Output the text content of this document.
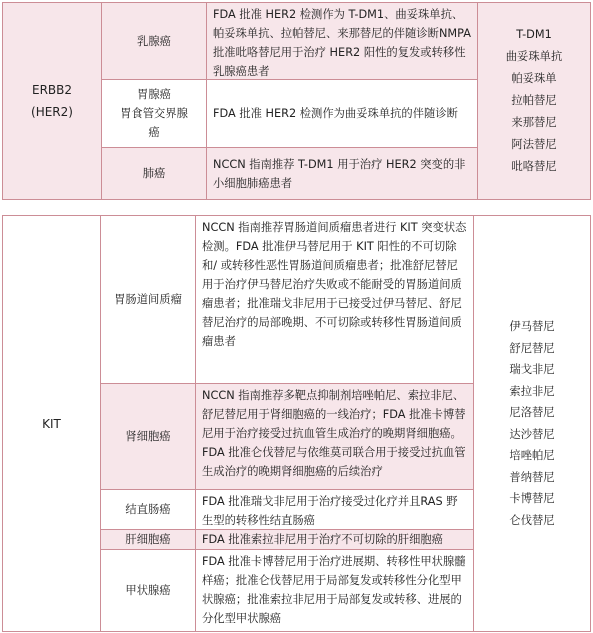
ERBB2
(HER2)
乳腺癌
FDA 批准 HER2 检测作为 T-DM1、曲妥珠单抗、帕妥珠单抗、拉帕替尼、来那替尼的伴随诊断NMPA 批准吡咯替尼用于治疗 HER2 阳性的复发或转移性乳腺癌患者
胃腺癌
胃食管交界腺
癌
FDA 批准 HER2 检测作为曲妥珠单抗的伴随诊断
肺癌
NCCN 指南推荐 T-DM1 用于治疗 HER2 突变的非小细胞肺癌患者
T-DM1
曲妥珠单抗
帕妥珠单
拉帕替尼
来那替尼
阿法替尼
吡咯替尼
KIT
胃肠道间质瘤
NCCN 指南推荐胃肠道间质瘤患者进行 KIT 突变状态检测。FDA 批准伊马替尼用于 KIT 阳性的不可切除和/ 或转移性恶性胃肠道间质瘤患者；批准舒尼替尼用于治疗伊马替尼治疗失败或不能耐受的胃肠道间质瘤患者；批准瑞戈非尼用于已接受过伊马替尼、舒尼替尼治疗的局部晚期、不可切除或转移性胃肠道间质瘤患者
肾细胞癌
NCCN 指南推荐多靶点抑制剂培唑帕尼、索拉非尼、舒尼替尼用于肾细胞癌的一线治疗；FDA 批准卡博替尼用于治疗接受过抗血管生成治疗的晚期肾细胞癌。FDA 批准仑伐替尼与依维莫司联合用于接受过抗血管生成治疗的晚期肾细胞癌的后续治疗
结直肠癌
FDA 批准瑞戈非尼用于治疗接受过化疗并且RAS 野生型的转移性结直肠癌
肝细胞癌	FDA 批准索拉非尼用于治疗不可切除的肝细胞癌
甲状腺癌
FDA 批准卡博替尼用于治疗进展期、转移性甲状腺髓样癌；批准仑伐替尼用于局部复发或转移性分化型甲状腺癌；批准索拉非尼用于局部复发或转移、进展的分化型甲状腺癌
伊马替尼
舒尼替尼
瑞戈非尼
索拉非尼
尼洛替尼
达沙替尼
培唑帕尼
普纳替尼
卡博替尼
仑伐替尼
